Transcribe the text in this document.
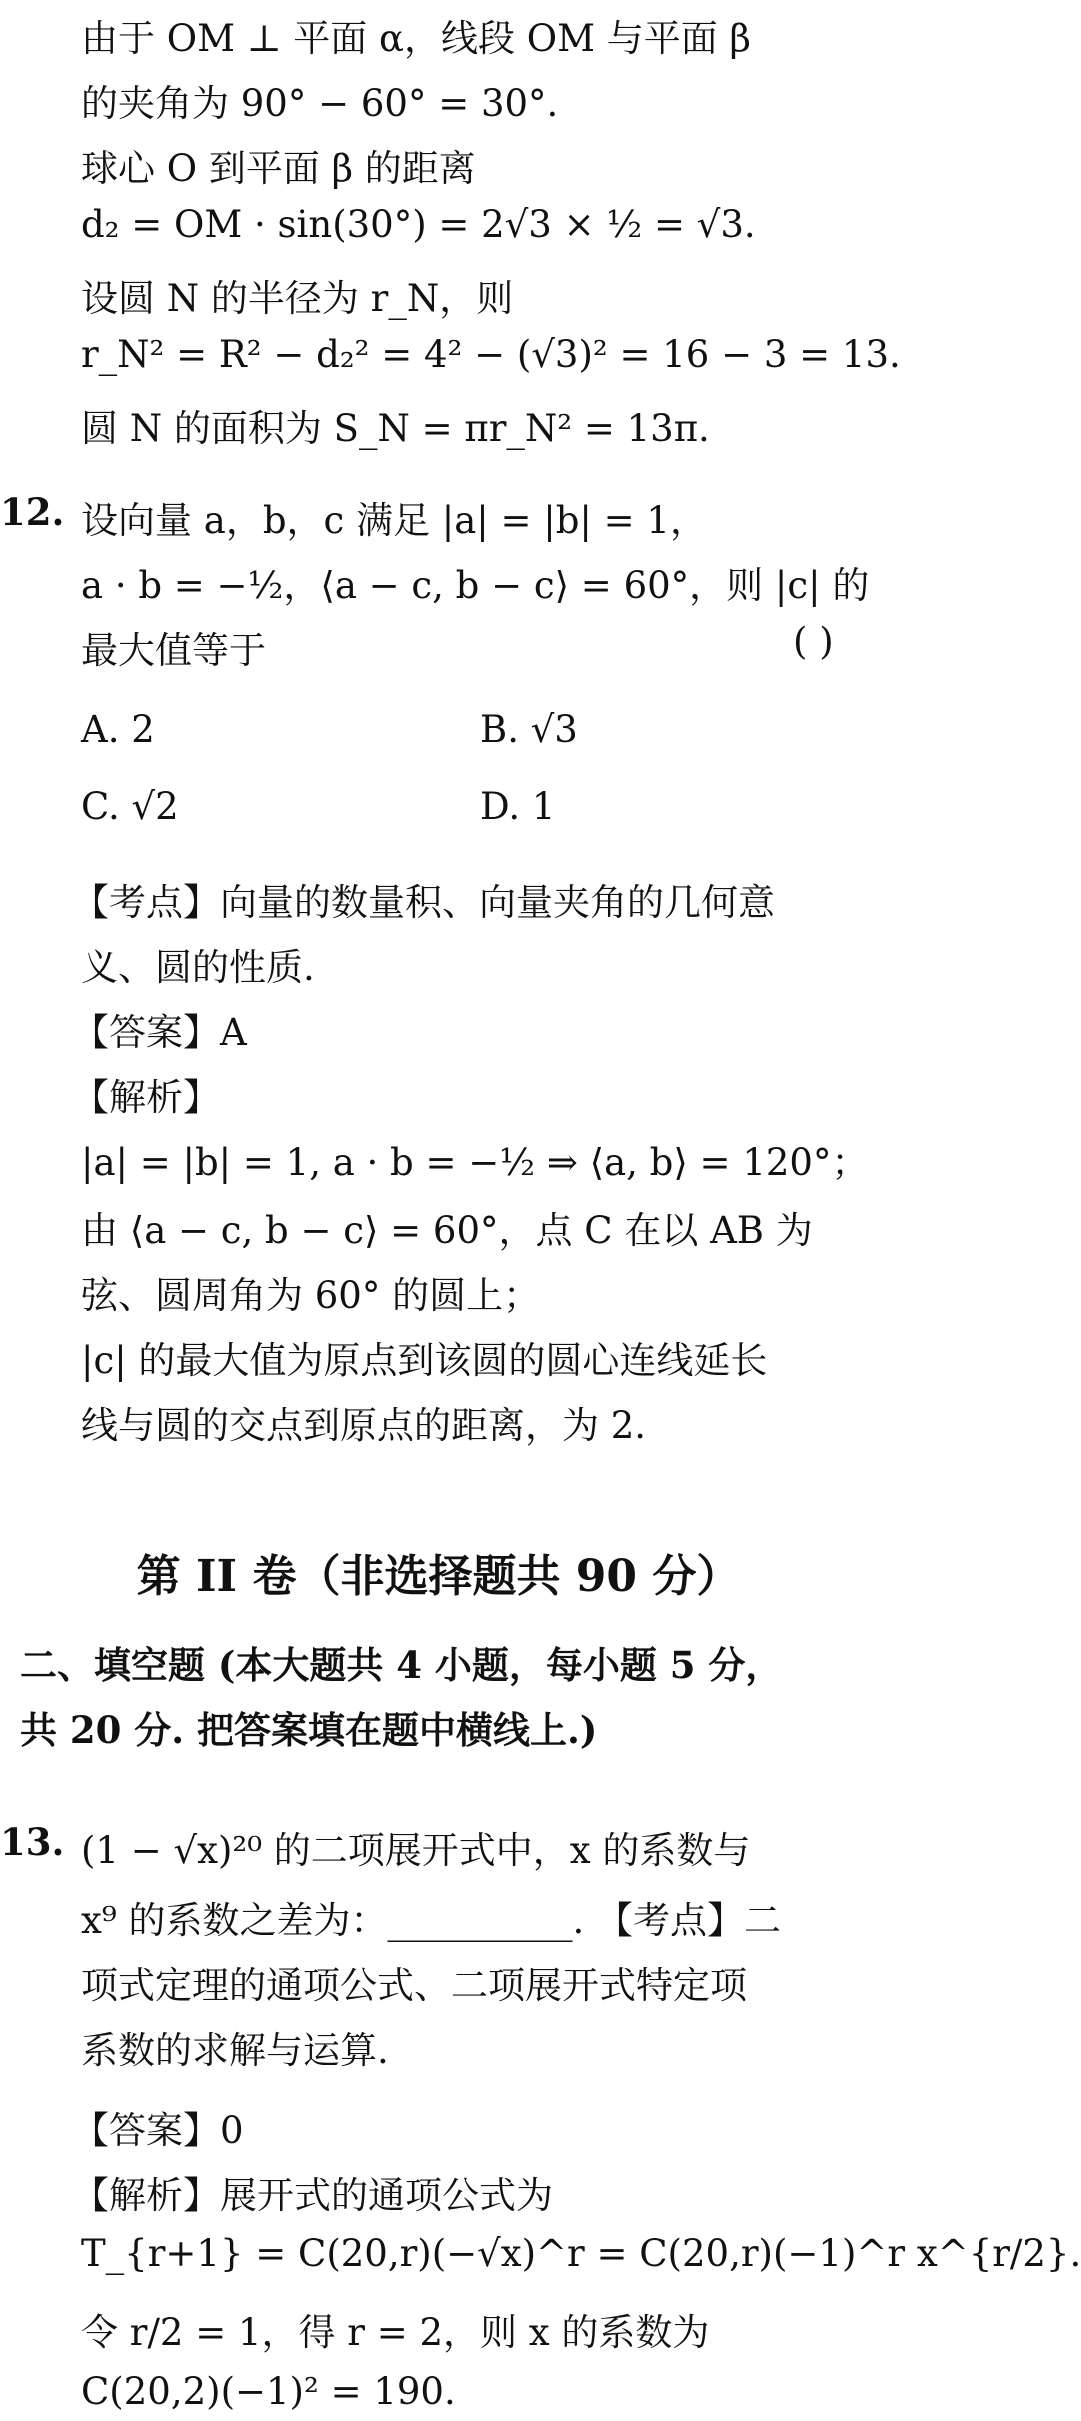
由于 OM ⊥ 平面 α，线段 OM 与平面 β
的夹角为 90° − 60° = 30°.
球心 O 到平面 β 的距离
d₂ = OM · sin(30°) = 2√3 × ½ = √3.
设圆 N 的半径为 r_N，则
r_N² = R² − d₂² = 4² − (√3)² = 16 − 3 = 13.
圆 N 的面积为 S_N = πr_N² = 13π.
12. 设向量 a，b，c 满足 |a| = |b| = 1，
a · b = −½，⟨a − c, b − c⟩ = 60°，则 |c| 的
最大值等于	( )
A. 2	B. √3
C. √2	D. 1
【考点】向量的数量积、向量夹角的几何意
义、圆的性质.
【答案】A
【解析】
|a| = |b| = 1, a · b = −½ ⇒ ⟨a, b⟩ = 120°；
由 ⟨a − c, b − c⟩ = 60°，点 C 在以 AB 为
弦、圆周角为 60° 的圆上；
|c| 的最大值为原点到该圆的圆心连线延长
线与圆的交点到原点的距离，为 2.
第 II 卷（非选择题共 90 分）
二、填空题 (本大题共 4 小题，每小题 5 分，
共 20 分. 把答案填在题中横线上.)
13. (1 − √x)²⁰ 的二项展开式中，x 的系数与
x⁹ 的系数之差为：__________. 【考点】二
项式定理的通项公式、二项展开式特定项
系数的求解与运算.
【答案】0
【解析】展开式的通项公式为
T_{r+1} = C(20,r)(−√x)^r = C(20,r)(−1)^r x^{r/2}.
令 r/2 = 1，得 r = 2，则 x 的系数为
C(20,2)(−1)² = 190.
